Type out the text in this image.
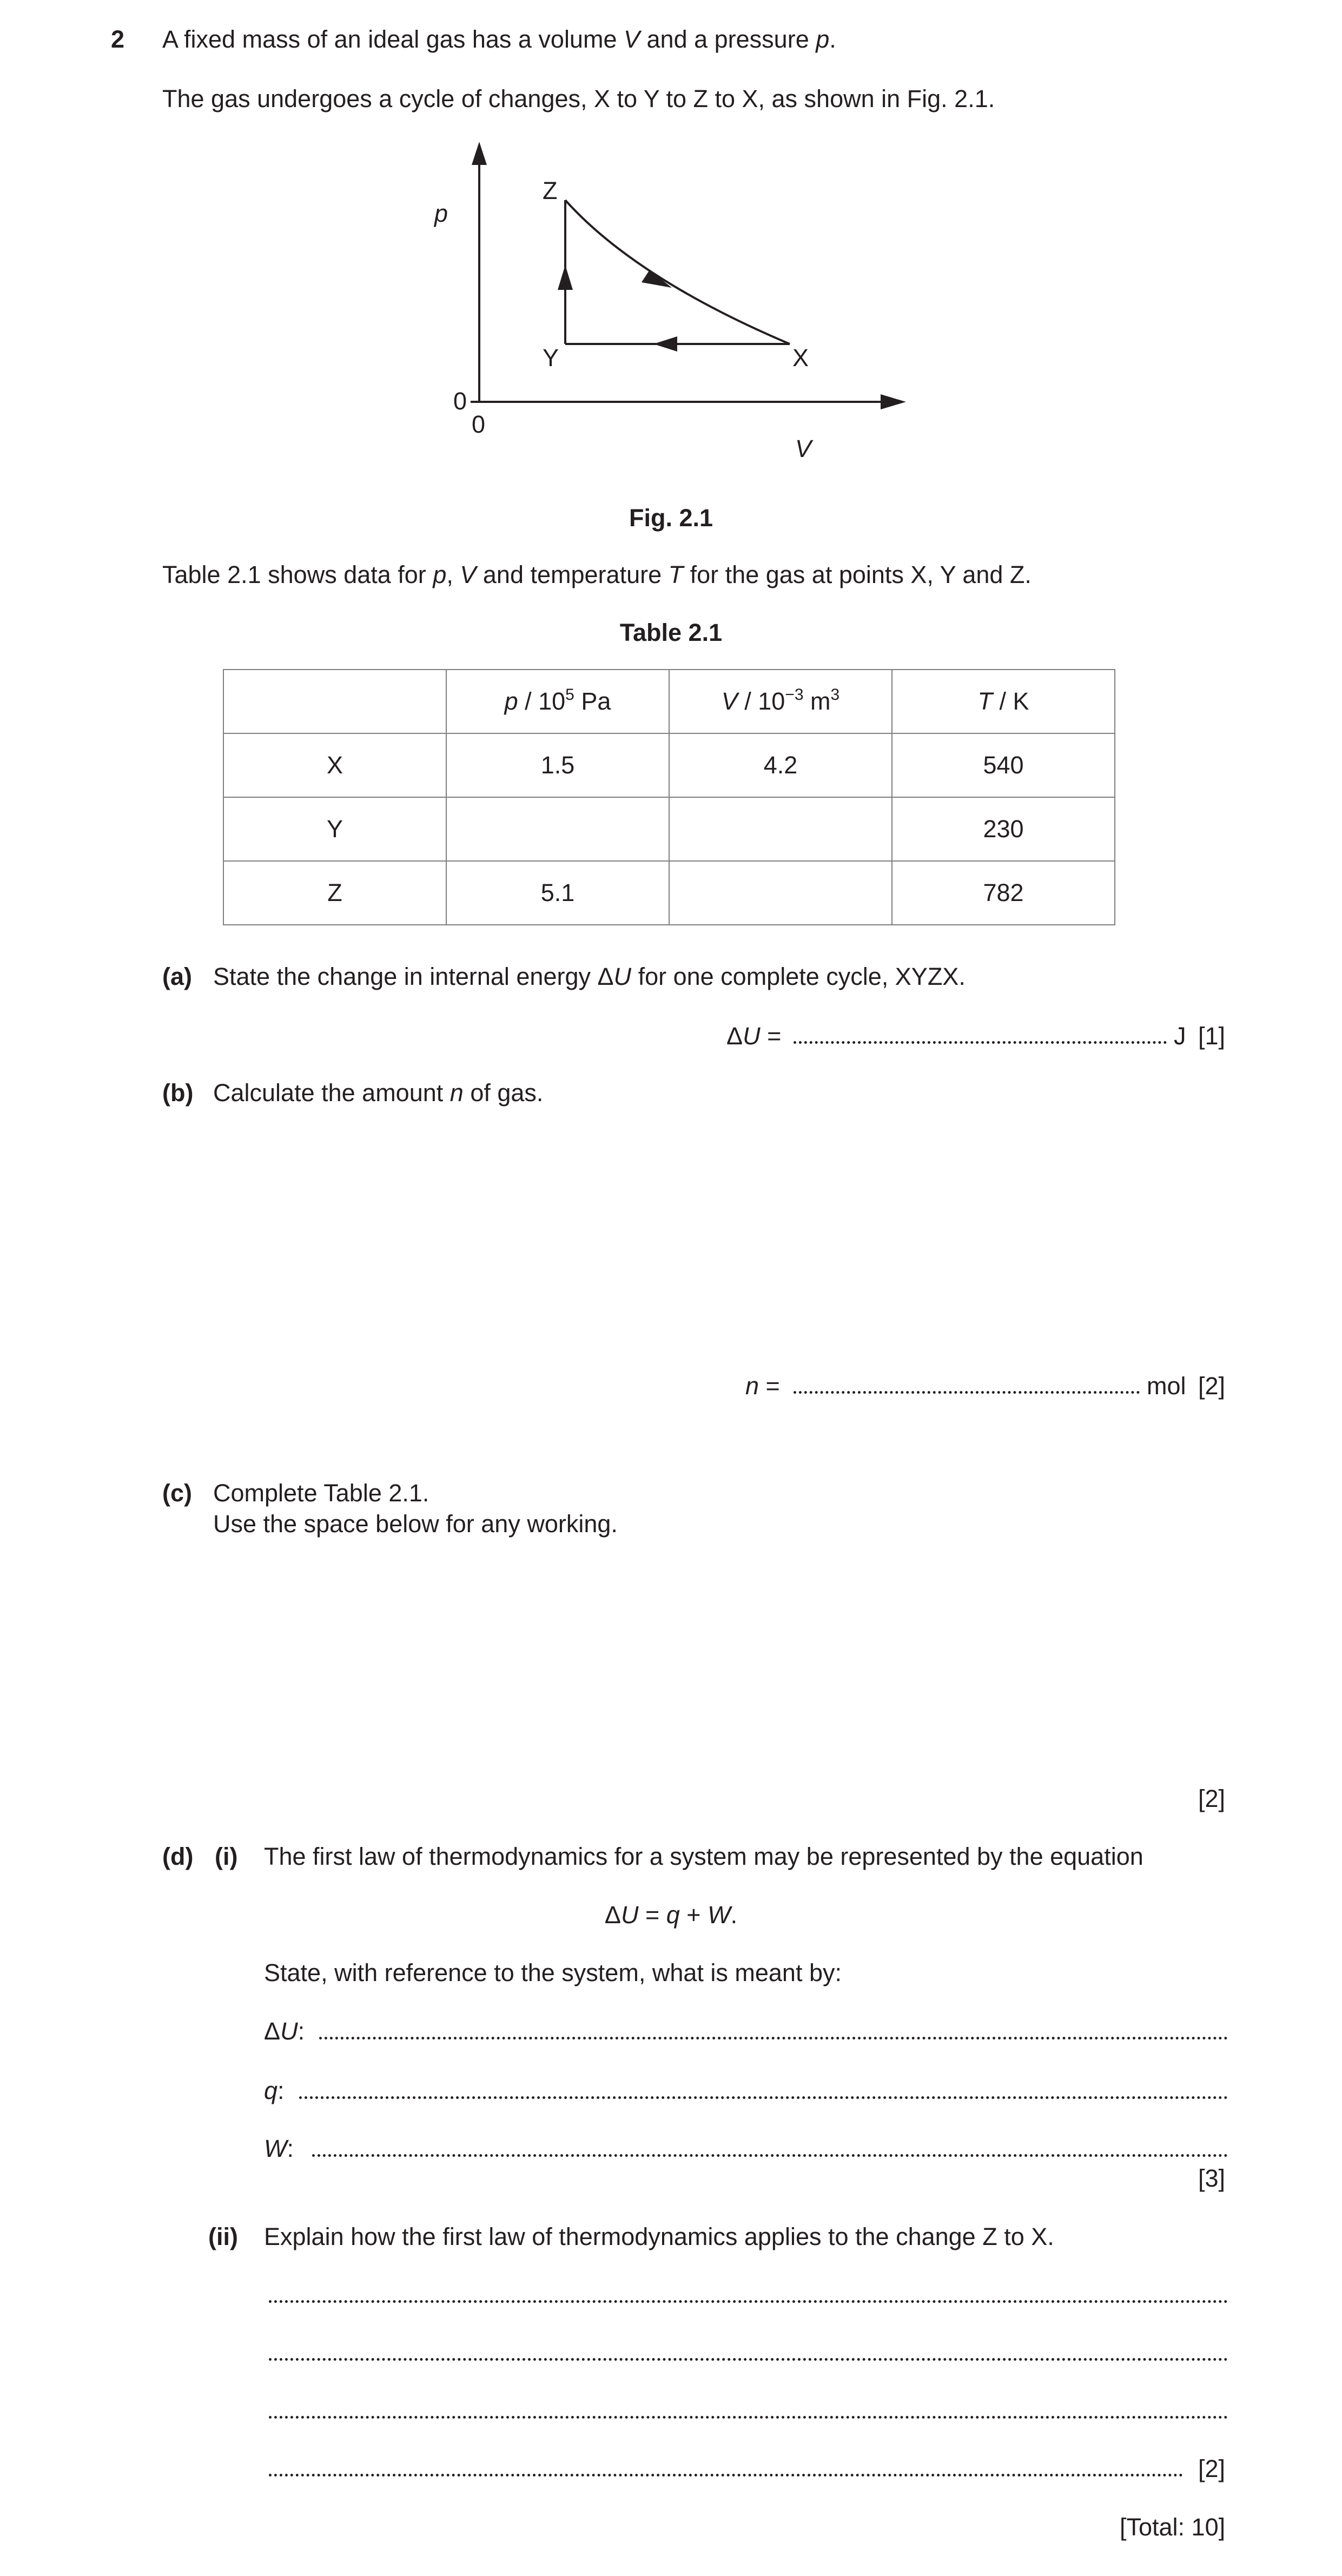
2 A fixed mass of an ideal gas has a volume V and a pressure p.
The gas undergoes a cycle of changes, X to Y to Z to X, as shown in Fig. 2.1.
p
V
0
0
Z
Y	X
Fig. 2.1
Table 2.1 shows data for p, V and temperature T for the gas at points X, Y and Z.
Table 2.1
	p / $10^5$ Pa	V / $10^{-3}$ $m^3$	T / K
X	1.5	4.2	540
Y			230
Z	5.1		782
(a) State the change in internal energy ΔU for one complete cycle, XYZX.
ΔU =	J [1]
(b) Calculate the amount n of gas.
n =	mol [2]
(c) Complete Table 2.1.
Use the space below for any working.
[2]
(d) (i) The first law of thermodynamics for a system may be represented by the equation
ΔU = q + W.
State, with reference to the system, what is meant by:
ΔU:
q:
W:
[3]
(ii) Explain how the first law of thermodynamics applies to the change Z to X.
[2]
[Total: 10]
